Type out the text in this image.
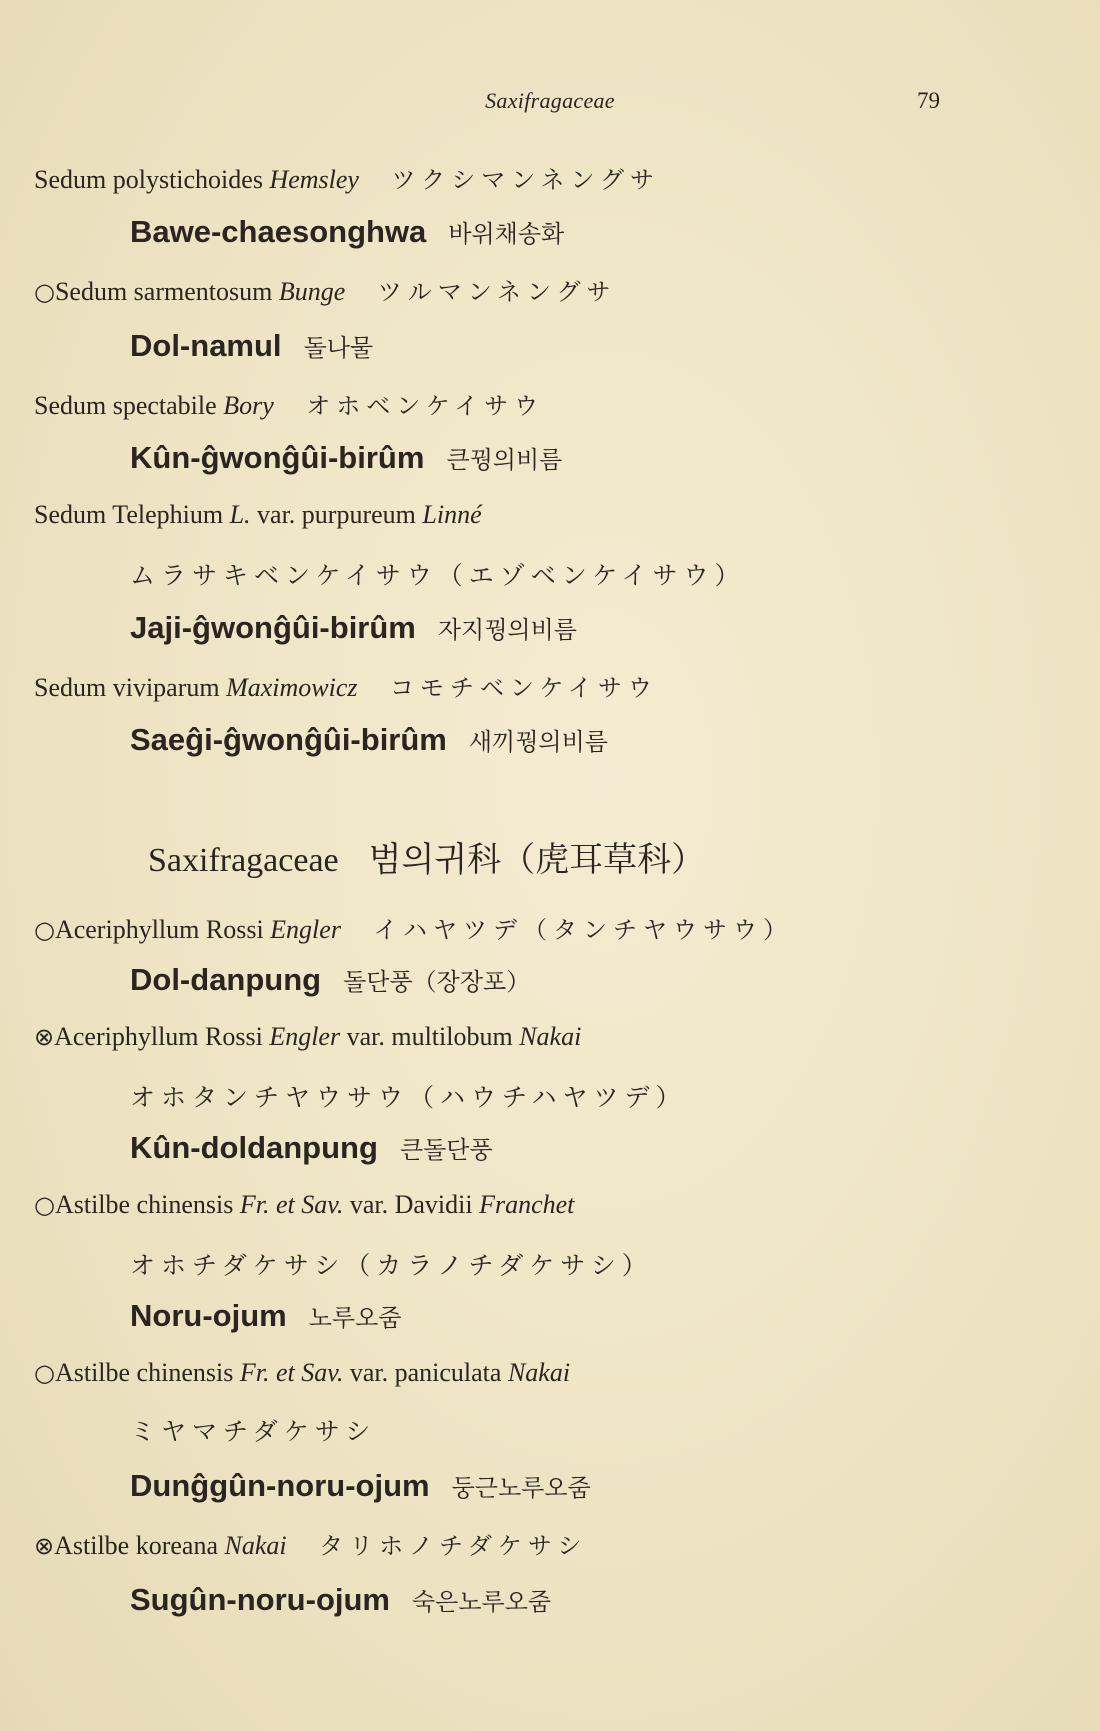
Saxifragaceae	79
Sedum polystichoides Hemsley ツクシマンネングサ
Bawe-chaesonghwa 바위채송화
○Sedum sarmentosum Bunge ツルマンネングサ
Dol-namul 돌나물
Sedum spectabile Bory オホベンケイサウ
Kûn-ĝwonĝûi-birûm 큰꿩의비름
Sedum Telephium L. var. purpureum Linné
ムラサキベンケイサウ（エゾベンケイサウ）
Jaji-ĝwonĝûi-birûm 자지꿩의비름
Sedum viviparum Maximowicz コモチベンケイサウ
Saeĝi-ĝwonĝûi-birûm 새끼꿩의비름
Saxifragaceae 범의귀科（虎耳草科）
○Aceriphyllum Rossi Engler イハヤツデ（タンチヤウサウ）
Dol-danpung 돌단풍（장장포）
⊗Aceriphyllum Rossi Engler var. multilobum Nakai
オホタンチヤウサウ（ハウチハヤツデ）
Kûn-doldanpung 큰돌단풍
○Astilbe chinensis Fr. et Sav. var. Davidii Franchet
オホチダケサシ（カラノチダケサシ）
Noru-ojum 노루오줌
○Astilbe chinensis Fr. et Sav. var. paniculata Nakai
ミヤマチダケサシ
Dunĝgûn-noru-ojum 둥근노루오줌
⊗Astilbe koreana Nakai タリホノチダケサシ
Sugûn-noru-ojum 숙은노루오줌
